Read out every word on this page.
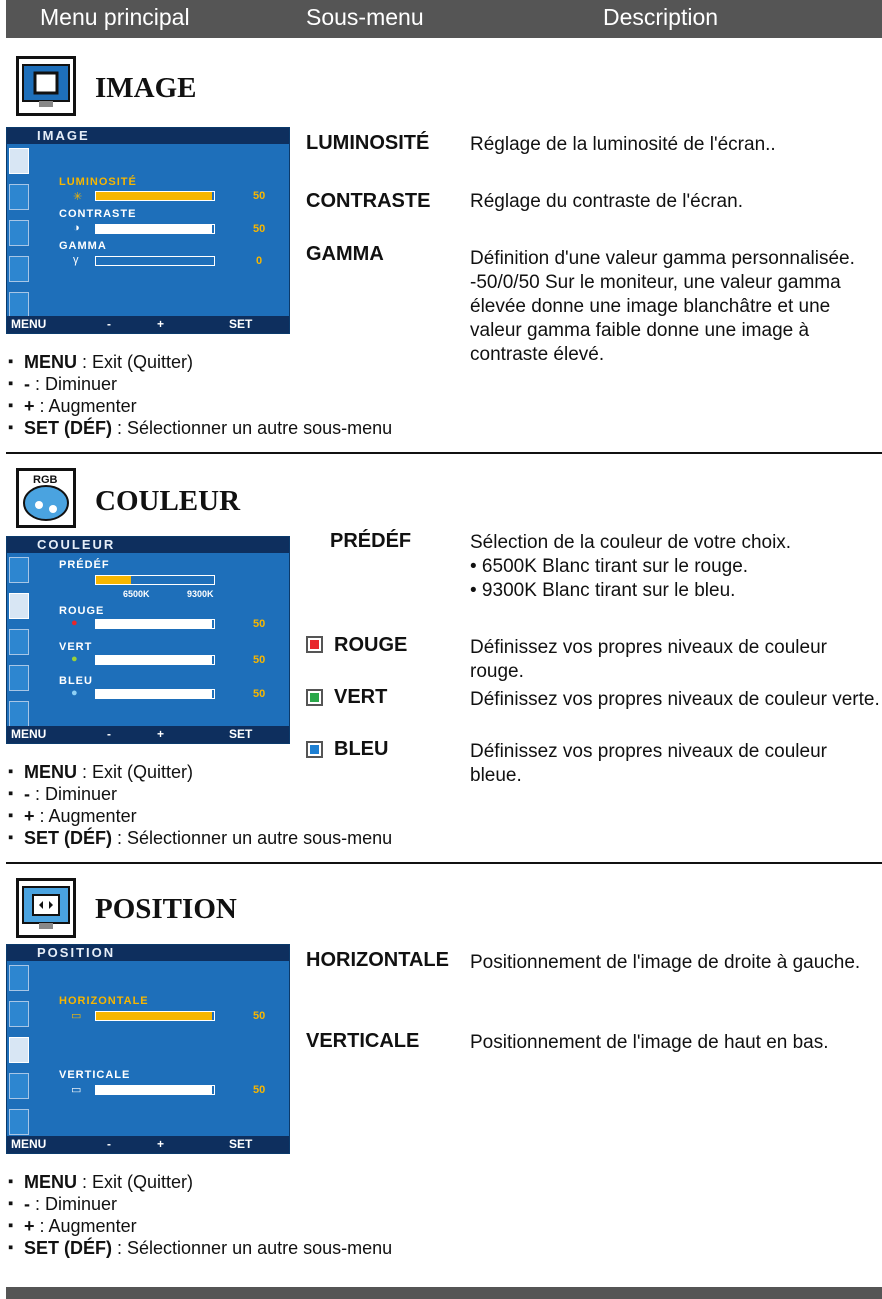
Menu principal	Sous-menu	Description
IMAGE
IMAGE
LUMINOSITÉ
✳	50
CONTRASTE
◑	50
GAMMA
γ	0
MENU	-	+	SET
LUMINOSITÉ Réglage de la luminosité de l'écran..
CONTRASTE Réglage du contraste de l'écran.
GAMMA	Définition d'une valeur gamma personnalisée. -50/0/50 Sur le moniteur, une valeur gamma élevée donne une image blanchâtre et une valeur gamma faible donne une image à contraste élevé.
▪ MENU : Exit (Quitter)
▪ - : Diminuer
▪ + : Augmenter
▪ SET (DÉF) : Sélectionner un autre sous-menu
RGB
COULEUR
COULEUR
PRÉDÉF
6500K	9300K
ROUGE
●	50
VERT
●	50
BLEU
●	50
MENU	-	+	SET
PRÉDÉF	Sélection de la couleur de votre choix.
• 6500K Blanc tirant sur le rouge.
• 9300K Blanc tirant sur le bleu.
ROUGE	Définissez vos propres niveaux de couleur rouge.
VERT	Définissez vos propres niveaux de couleur verte.
BLEU	Définissez vos propres niveaux de couleur bleue.
▪ MENU : Exit (Quitter)
▪ - : Diminuer
▪ + : Augmenter
▪ SET (DÉF) : Sélectionner un autre sous-menu
POSITION
POSITION
HORIZONTALE
▭	50
VERTICALE
▭	50
MENU	-	+	SET
HORIZONTALE Positionnement de l'image de droite à gauche.
VERTICALE	Positionnement de l'image de haut en bas.
▪ MENU : Exit (Quitter)
▪ - : Diminuer
▪ + : Augmenter
▪ SET (DÉF) : Sélectionner un autre sous-menu
